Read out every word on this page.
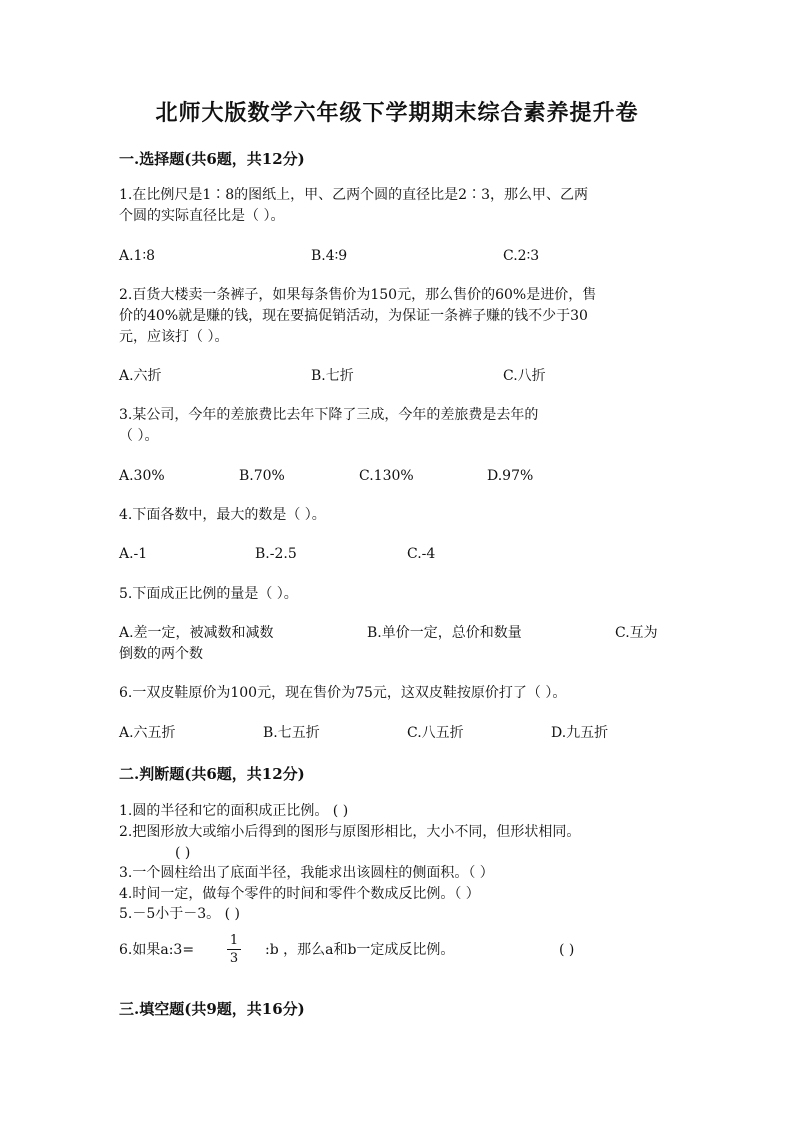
北师大版数学六年级下学期期末综合素养提升卷
一.选择题(共6题，共12分)
1.在比例尺是1∶8的图纸上，甲、乙两个圆的直径比是2∶3，那么甲、乙两
个圆的实际直径比是（ ）。
A.1∶8	B.4∶9	C.2∶3
2.百货大楼卖一条裤子，如果每条售价为150元，那么售价的60%是进价，售
价的40%就是赚的钱，现在要搞促销活动，为保证一条裤子赚的钱不少于30
元，应该打（ ）。
A.六折	B.七折	C.八折
3.某公司，今年的差旅费比去年下降了三成，今年的差旅费是去年的
（ ）。
A.30%	B.70%	C.130%	D.97%
4.下面各数中，最大的数是（ ）。
A.-1	B.-2.5	C.-4
5.下面成正比例的量是（ ）。
A.差一定，被减数和减数	B.单价一定，总价和数量	C.互为
倒数的两个数
6.一双皮鞋原价为100元，现在售价为75元，这双皮鞋按原价打了（ ）。
A.六五折	B.七五折	C.八五折	D.九五折
二.判断题(共6题，共12分)
1.圆的半径和它的面积成正比例。 ( )
2.把图形放大或缩小后得到的图形与原图形相比，大小不同，但形状相同。
( )
3.一个圆柱给出了底面半径，我能求出该圆柱的侧面积。（ ）
4.时间一定，做每个零件的时间和零件个数成反比例。（ ）
5.－5小于－3。 ( )
6.如果a:3=
1
3
:b ，那么a和b一定成反比例。	( )
三.填空题(共9题，共16分)
